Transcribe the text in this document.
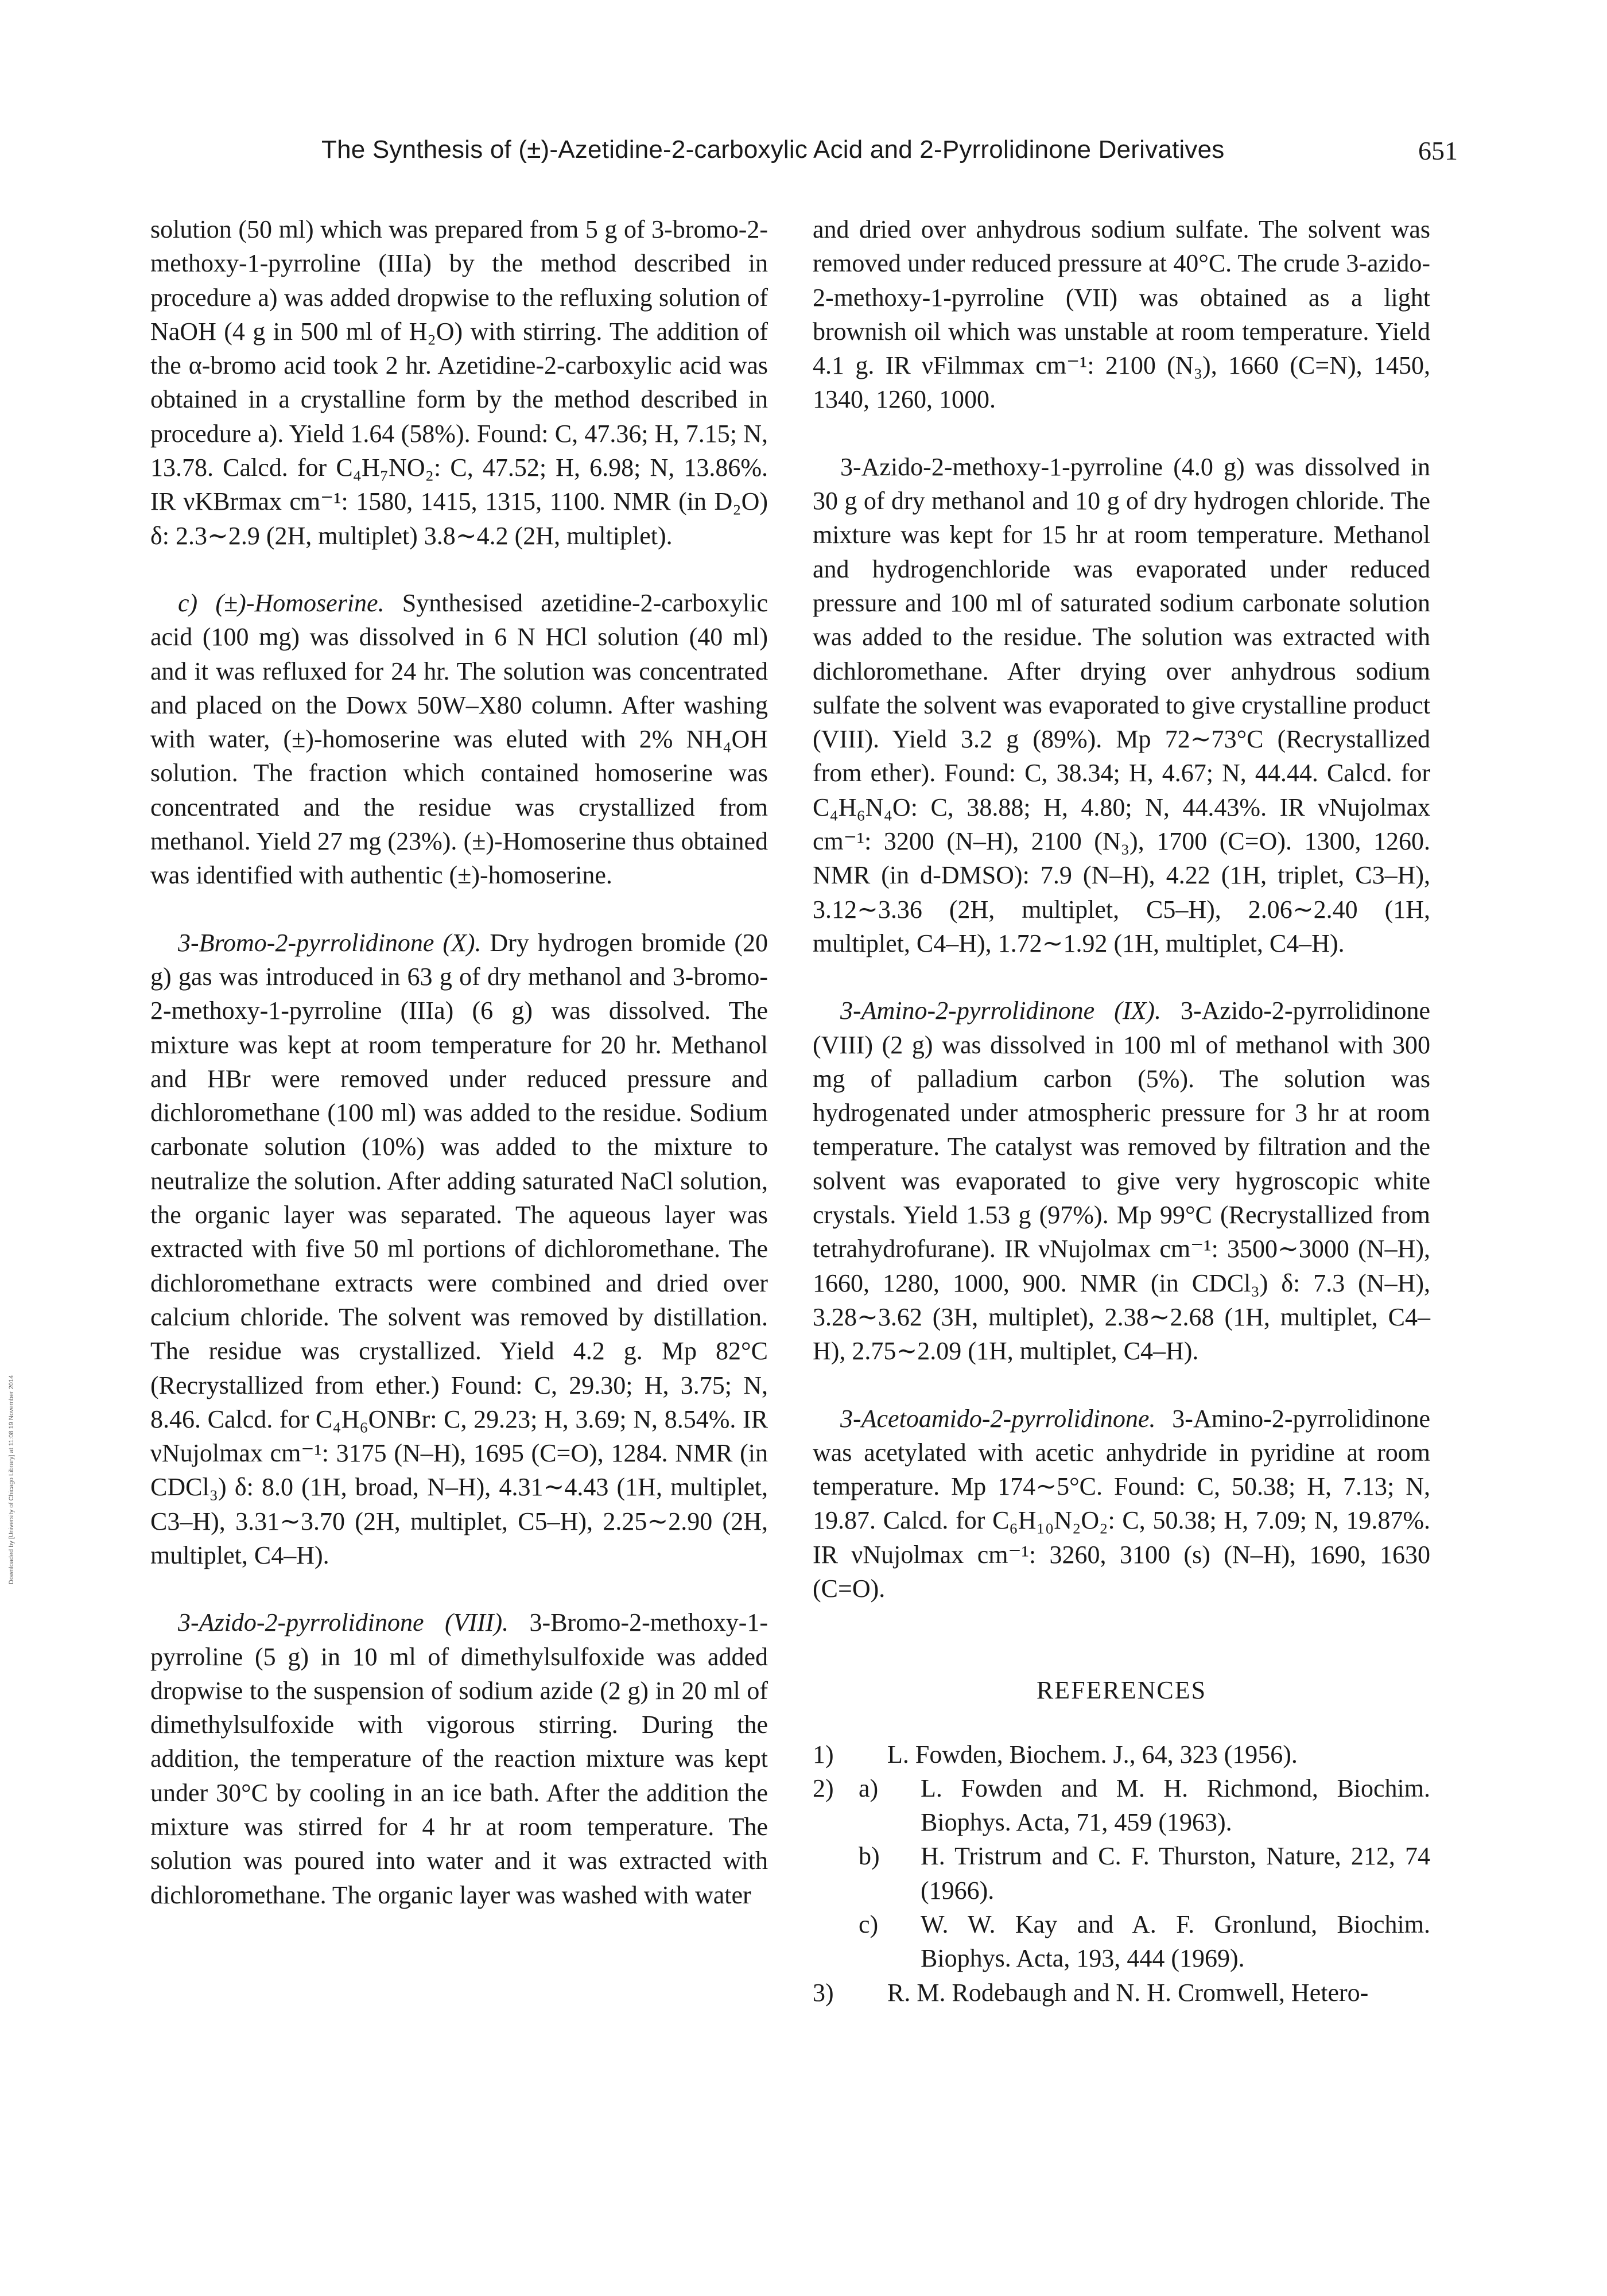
The Synthesis of (±)-Azetidine-2-carboxylic Acid and 2-Pyrrolidinone Derivatives	651
Downloaded by [University of Chicago Library] at 11:08 19 November 2014

solution (50 ml) which was prepared from 5 g of 3-bromo-2-methoxy-1-pyrroline (IIIa) by the method described in procedure a) was added dropwise to the refluxing solution of NaOH (4 g in 500 ml of H₂O) with stirring. The addition of the α-bromo acid took 2 hr. Azetidine-2-carboxylic acid was obtained in a crystalline form by the method described in procedure a). Yield 1.64 (58%). Found: C, 47.36; H, 7.15; N, 13.78. Calcd. for C₄H₇NO₂: C, 47.52; H, 6.98; N, 13.86%. IR νKBrmax cm⁻¹: 1580, 1415, 1315, 1100. NMR (in D₂O) δ: 2.3∼2.9 (2H, multiplet) 3.8∼4.2 (2H, multiplet).

c) (±)-Homoserine. Synthesised azetidine-2-carboxylic acid (100 mg) was dissolved in 6 N HCl solution (40 ml) and it was refluxed for 24 hr. The solution was concentrated and placed on the Dowx 50W–X80 column. After washing with water, (±)-homoserine was eluted with 2% NH₄OH solution. The fraction which contained homoserine was concentrated and the residue was crystallized from methanol. Yield 27 mg (23%). (±)-Homoserine thus obtained was identified with authentic (±)-homoserine.

3-Bromo-2-pyrrolidinone (X). Dry hydrogen bromide (20 g) gas was introduced in 63 g of dry methanol and 3-bromo-2-methoxy-1-pyrroline (IIIa) (6 g) was dissolved. The mixture was kept at room temperature for 20 hr. Methanol and HBr were removed under reduced pressure and dichloromethane (100 ml) was added to the residue. Sodium carbonate solution (10%) was added to the mixture to neutralize the solution. After adding saturated NaCl solution, the organic layer was separated. The aqueous layer was extracted with five 50 ml portions of dichloromethane. The dichloromethane extracts were combined and dried over calcium chloride. The solvent was removed by distillation. The residue was crystallized. Yield 4.2 g. Mp 82°C (Recrystallized from ether.) Found: C, 29.30; H, 3.75; N, 8.46. Calcd. for C₄H₆ONBr: C, 29.23; H, 3.69; N, 8.54%. IR νNujolmax cm⁻¹: 3175 (N–H), 1695 (C=O), 1284. NMR (in CDCl₃) δ: 8.0 (1H, broad, N–H), 4.31∼4.43 (1H, multiplet, C3–H), 3.31∼3.70 (2H, multiplet, C5–H), 2.25∼2.90 (2H, multiplet, C4–H).

3-Azido-2-pyrrolidinone (VIII). 3-Bromo-2-methoxy-1-pyrroline (5 g) in 10 ml of dimethylsulfoxide was added dropwise to the suspension of sodium azide (2 g) in 20 ml of dimethylsulfoxide with vigorous stirring. During the addition, the temperature of the reaction mixture was kept under 30°C by cooling in an ice bath. After the addition the mixture was stirred for 4 hr at room temperature. The solution was poured into water and it was extracted with dichloromethane. The organic layer was washed with water

and dried over anhydrous sodium sulfate. The solvent was removed under reduced pressure at 40°C. The crude 3-azido-2-methoxy-1-pyrroline (VII) was obtained as a light brownish oil which was unstable at room temperature. Yield 4.1 g. IR νFilmmax cm⁻¹: 2100 (N₃), 1660 (C=N), 1450, 1340, 1260, 1000.

3-Azido-2-methoxy-1-pyrroline (4.0 g) was dissolved in 30 g of dry methanol and 10 g of dry hydrogen chloride. The mixture was kept for 15 hr at room temperature. Methanol and hydrogenchloride was evaporated under reduced pressure and 100 ml of saturated sodium carbonate solution was added to the residue. The solution was extracted with dichloromethane. After drying over anhydrous sodium sulfate the solvent was evaporated to give crystalline product (VIII). Yield 3.2 g (89%). Mp 72∼73°C (Recrystallized from ether). Found: C, 38.34; H, 4.67; N, 44.44. Calcd. for C₄H₆N₄O: C, 38.88; H, 4.80; N, 44.43%. IR νNujolmax cm⁻¹: 3200 (N–H), 2100 (N₃), 1700 (C=O). 1300, 1260. NMR (in d-DMSO): 7.9 (N–H), 4.22 (1H, triplet, C3–H), 3.12∼3.36 (2H, multiplet, C5–H), 2.06∼2.40 (1H, multiplet, C4–H), 1.72∼1.92 (1H, multiplet, C4–H).

3-Amino-2-pyrrolidinone (IX). 3-Azido-2-pyrrolidinone (VIII) (2 g) was dissolved in 100 ml of methanol with 300 mg of palladium carbon (5%). The solution was hydrogenated under atmospheric pressure for 3 hr at room temperature. The catalyst was removed by filtration and the solvent was evaporated to give very hygroscopic white crystals. Yield 1.53 g (97%). Mp 99°C (Recrystallized from tetrahydrofurane). IR νNujolmax cm⁻¹: 3500∼3000 (N–H), 1660, 1280, 1000, 900. NMR (in CDCl₃) δ: 7.3 (N–H), 3.28∼3.62 (3H, multiplet), 2.38∼2.68 (1H, multiplet, C4–H), 2.75∼2.09 (1H, multiplet, C4–H).

3-Acetoamido-2-pyrrolidinone. 3-Amino-2-pyrrolidinone was acetylated with acetic anhydride in pyridine at room temperature. Mp 174∼5°C. Found: C, 50.38; H, 7.13; N, 19.87. Calcd. for C₆H₁₀N₂O₂: C, 50.38; H, 7.09; N, 19.87%. IR νNujolmax cm⁻¹: 3260, 3100 (s) (N–H), 1690, 1630 (C=O).

REFERENCES
1) L. Fowden, Biochem. J., 64, 323 (1956).
2) a) L. Fowden and M. H. Richmond, Biochim. Biophys. Acta, 71, 459 (1963).
b) H. Tristrum and C. F. Thurston, Nature, 212, 74 (1966).
c) W. W. Kay and A. F. Gronlund, Biochim. Biophys. Acta, 193, 444 (1969).
3) R. M. Rodebaugh and N. H. Cromwell, Hetero-
